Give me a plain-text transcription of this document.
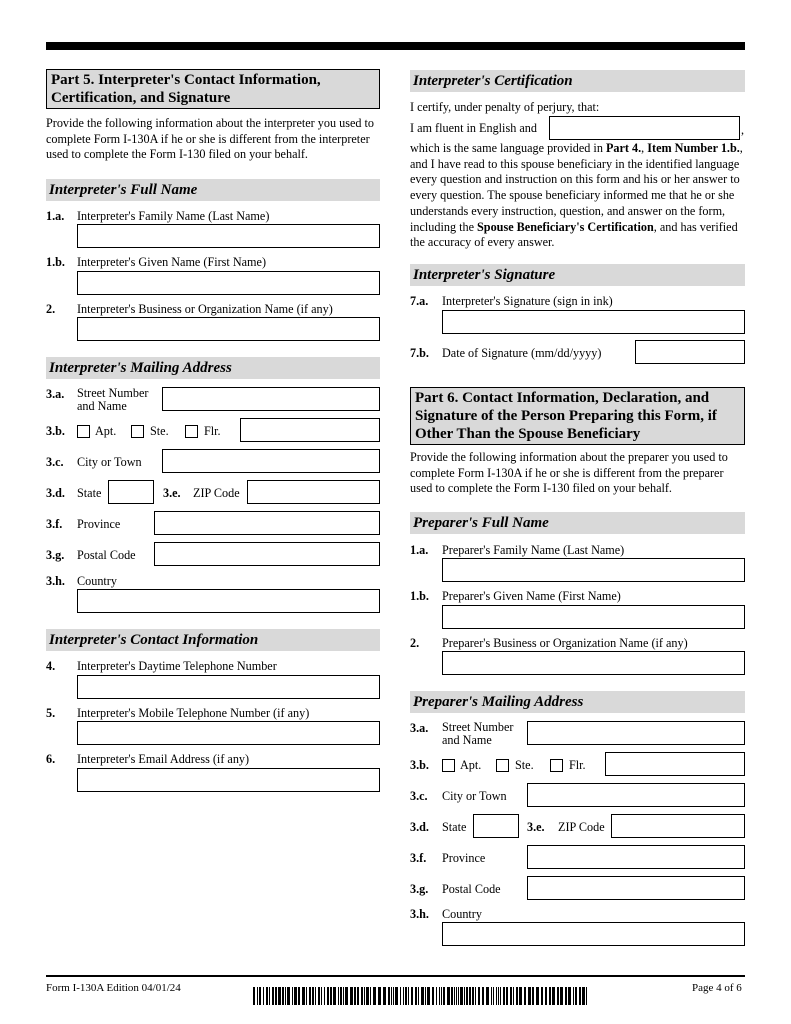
Part 5. Interpreter's Contact Information, Certification, and Signature
Provide the following information about the interpreter you used to complete Form I-130A if he or she is different from the interpreter used to complete the Form I-130 filed on your behalf.
Interpreter's Full Name
1.a. Interpreter's Family Name (Last Name)
1.b. Interpreter's Given Name (First Name)
2. Interpreter's Business or Organization Name (if any)
Interpreter's Mailing Address
3.a. Street Number
and Name
3.b. Apt.	Ste.	Flr.
3.c. City or Town
3.d. State	3.e. ZIP Code
3.f. Province
3.g. Postal Code
3.h. Country
Interpreter's Contact Information
4. Interpreter's Daytime Telephone Number
5. Interpreter's Mobile Telephone Number (if any)
6. Interpreter's Email Address (if any)
Interpreter's Certification
I certify, under penalty of perjury, that:
I am fluent in English and	,
which is the same language provided in Part 4., Item Number 1.b., and I have read to this spouse beneficiary in the identified language every question and instruction on this form and his or her answer to every question. The spouse beneficiary informed me that he or she understands every instruction, question, and answer on the form, including the Spouse Beneficiary's Certification, and has verified the accuracy of every answer.
Interpreter's Signature
7.a. Interpreter's Signature (sign in ink)
7.b. Date of Signature (mm/dd/yyyy)
Part 6. Contact Information, Declaration, and Signature of the Person Preparing this Form, if Other Than the Spouse Beneficiary
Provide the following information about the preparer you used to complete Form I-130A if he or she is different from the preparer used to complete the Form I-130 filed on your behalf.
Preparer's Full Name
1.a. Preparer's Family Name (Last Name)
1.b. Preparer's Given Name (First Name)
2. Preparer's Business or Organization Name (if any)
Preparer's Mailing Address
3.a. Street Number
and Name
3.b.	Apt.	Ste.	Flr.
3.c. City or Town
3.d. State	3.e. ZIP Code
3.f. Province
3.g. Postal Code
3.h. Country
Form I-130A Edition 04/01/24	Page 4 of 6
